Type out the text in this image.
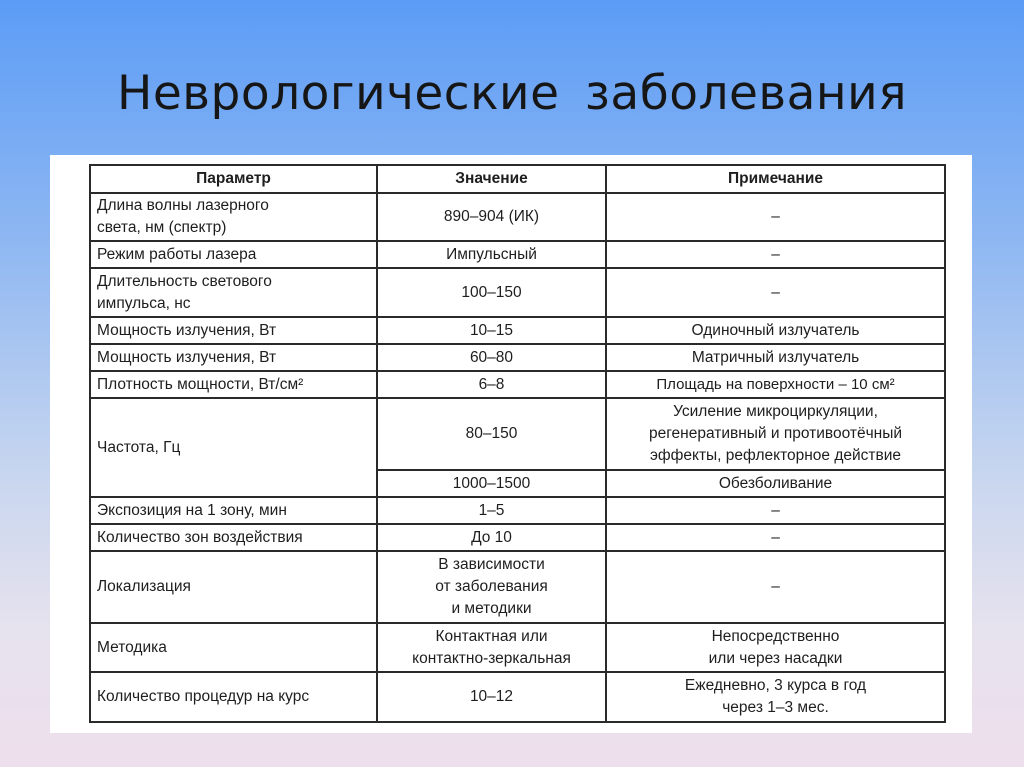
Неврологические заболевания
Параметр	Значение	Примечание
Длина волны лазерного
света, нм (спектр)	890–904 (ИК)	–
Режим работы лазера	Импульсный	–
Длительность светового
импульса, нс	100–150	–
Мощность излучения, Вт	10–15	Одиночный излучатель
Мощность излучения, Вт	60–80	Матричный излучатель
Плотность мощности, Вт/см²	6–8	Площадь на поверхности – 10 см²
Частота, Гц	80–150	Усиление микроциркуляции,
регенеративный и противоотёчный
эффекты, рефлекторное действие
	1000–1500	Обезболивание
Экспозиция на 1 зону, мин	1–5	–
Количество зон воздействия	До 10	–
Локализация	В зависимости
от заболевания
и методики	–
Методика	Контактная или
контактно-зеркальная	Непосредственно
или через насадки
Количество процедур на курс	10–12	Ежедневно, 3 курса в год
через 1–3 мес.
